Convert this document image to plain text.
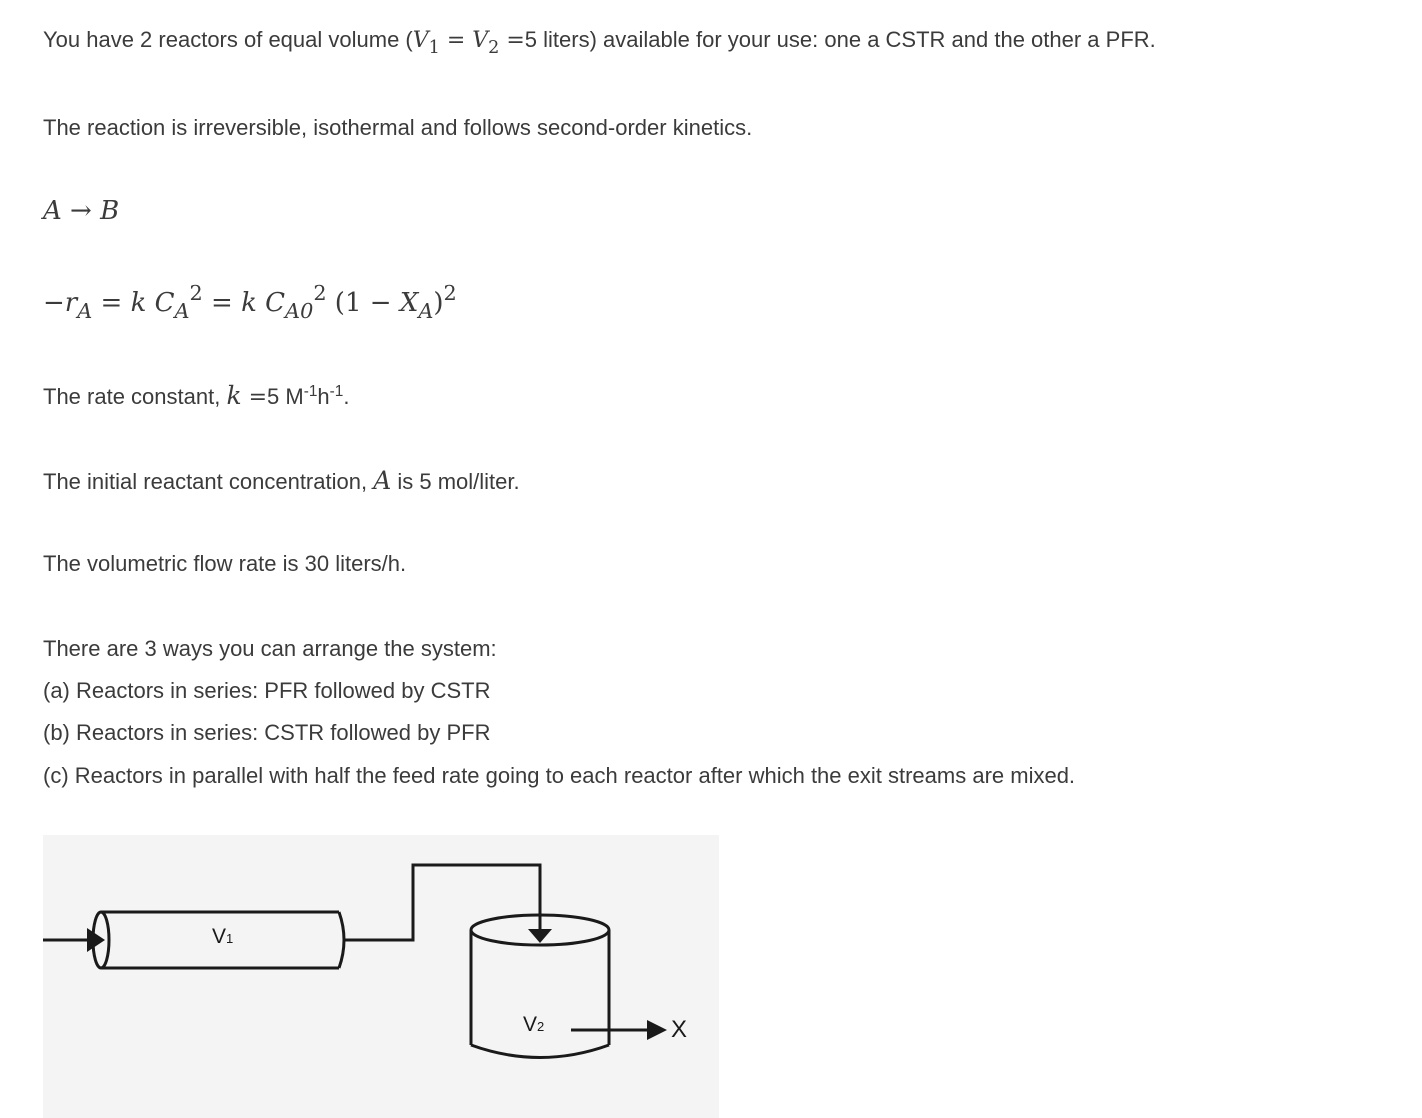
You have 2 reactors of equal volume ($V_1 = V_2 =5$ liters) available for your use: one a CSTR and the other a PFR.
The reaction is irreversible, isothermal and follows second-order kinetics.
A → B
$-r_A = k$ $C_A^2 = k$ $C_{A0}^2$ $(1 - X_A)^2$
The rate constant, k =5 $M^{-1}h^{-1}$.
The initial reactant concentration, A is 5 mol/liter.
The volumetric flow rate is 30 liters/h.
There are 3 ways you can arrange the system:
(a) Reactors in series: PFR followed by CSTR
(b) Reactors in series: CSTR followed by PFR
(c) Reactors in parallel with half the feed rate going to each reactor after which the exit streams are mixed.
V1
V2	X
